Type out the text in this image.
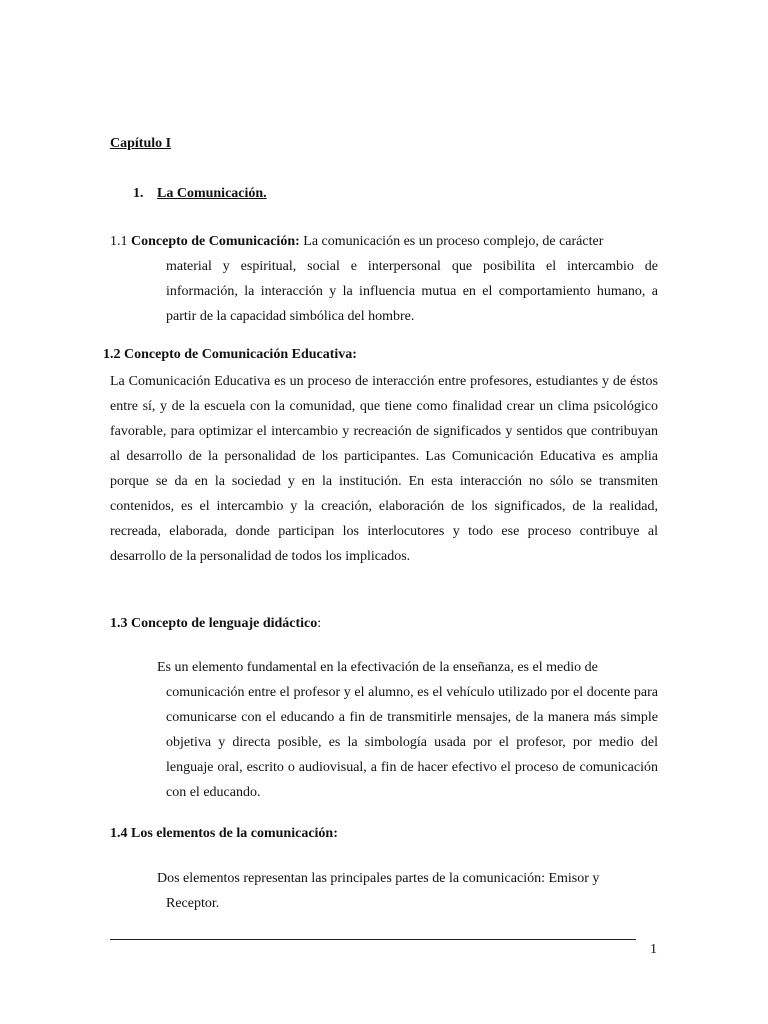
Capítulo I

1. La Comunicación.

1.1 Concepto de Comunicación: La comunicación es un proceso complejo, de carácter
material y espiritual, social e interpersonal que posibilita el intercambio de información, la interacción y la influencia mutua en el comportamiento humano, a partir de la capacidad simbólica del hombre.

1.2 Concepto de Comunicación Educativa:

La Comunicación Educativa es un proceso de interacción entre profesores, estudiantes y de éstos entre sí, y de la escuela con la comunidad, que tiene como finalidad crear un clima psicológico favorable, para optimizar el intercambio y recreación de significados y sentidos que contribuyan al desarrollo de la personalidad de los participantes. Las Comunicación Educativa es amplia porque se da en la sociedad y en la institución. En esta interacción no sólo se transmiten contenidos, es el intercambio y la creación, elaboración de los significados, de la realidad, recreada, elaborada, donde participan los interlocutores y todo ese proceso contribuye al desarrollo de la personalidad de todos los implicados.

1.3 Concepto de lenguaje didáctico:

Es un elemento fundamental en la efectivación de la enseñanza, es el medio de
comunicación entre el profesor y el alumno, es el vehículo utilizado por el docente para comunicarse con el educando a fin de transmitirle mensajes, de la manera más simple objetiva y directa posible, es la simbología usada por el profesor, por medio del lenguaje oral, escrito o audiovisual, a fin de hacer efectivo el proceso de comunicación con el educando.

1.4 Los elementos de la comunicación:

Dos elementos representan las principales partes de la comunicación: Emisor y
Receptor.

1
